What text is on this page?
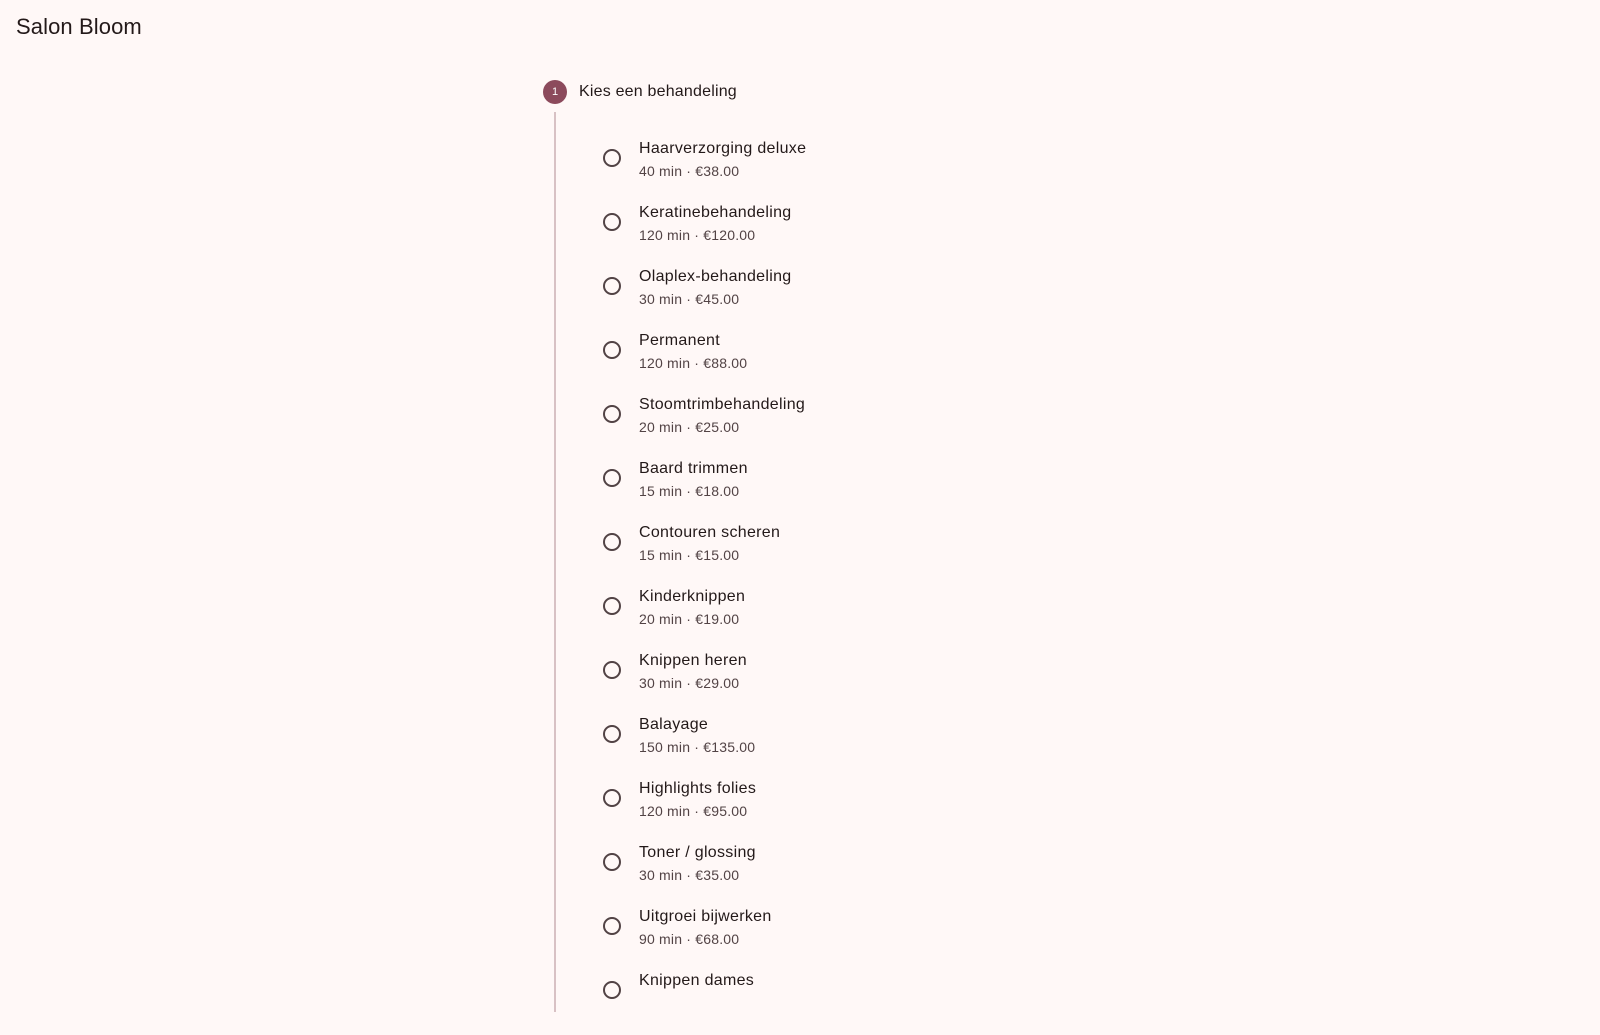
Salon Bloom
1	Kies een behandeling
Haarverzorging deluxe
40 min · €38.00
Keratinebehandeling
120 min · €120.00
Olaplex-behandeling
30 min · €45.00
Permanent
120 min · €88.00
Stoomtrimbehandeling
20 min · €25.00
Baard trimmen
15 min · €18.00
Contouren scheren
15 min · €15.00
Kinderknippen
20 min · €19.00
Knippen heren
30 min · €29.00
Balayage
150 min · €135.00
Highlights folies
120 min · €95.00
Toner / glossing
30 min · €35.00
Uitgroei bijwerken
90 min · €68.00
Knippen dames
